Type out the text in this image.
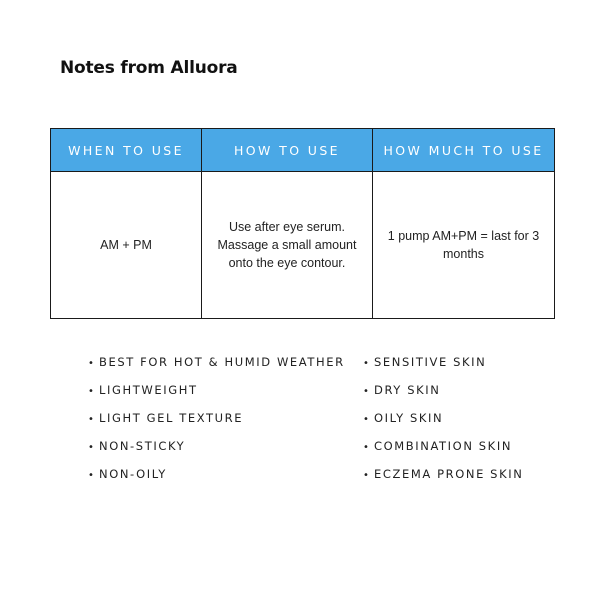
Notes from Alluora
WHEN TO USE	HOW TO USE	HOW MUCH TO USE
AM + PM	Use after eye serum. Massage a small amount onto the eye contour.	1 pump AM+PM = last for 3 months
• BEST FOR HOT & HUMID WEATHER
• LIGHTWEIGHT
• LIGHT GEL TEXTURE
• NON-STICKY
• NON-OILY
• SENSITIVE SKIN
• DRY SKIN
• OILY SKIN
• COMBINATION SKIN
• ECZEMA PRONE SKIN
